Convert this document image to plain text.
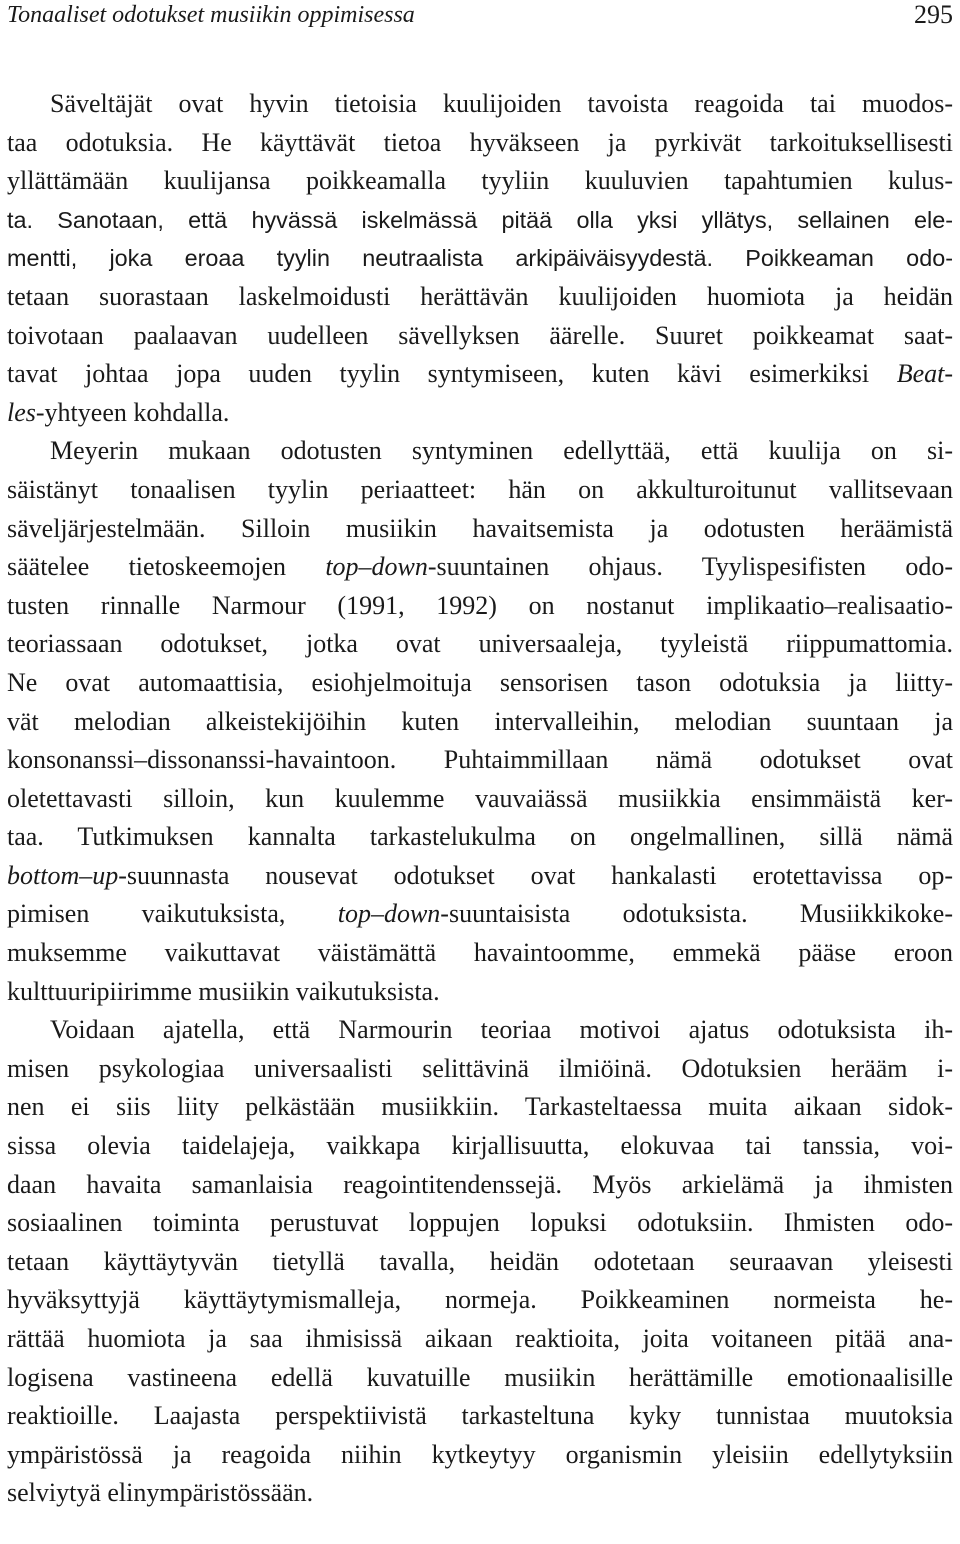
Tonaaliset odotukset musiikin oppimisessa	295
Säveltäjät ovat hyvin tietoisia kuulijoiden tavoista reagoida tai muodos-
taa odotuksia. He käyttävät tietoa hyväkseen ja pyrkivät tarkoituksellisesti
yllättämään kuulijansa poikkeamalla tyyliin kuuluvien tapahtumien kulus-
ta. Sanotaan, että hyvässä iskelmässä pitää olla yksi yllätys, sellainen ele-
mentti, joka eroaa tyylin neutraalista arkipäiväisyydestä. Poikkeaman odo-
tetaan suorastaan laskelmoidusti herättävän kuulijoiden huomiota ja heidän
toivotaan paalaavan uudelleen sävellyksen äärelle. Suuret poikkeamat saat-
tavat johtaa jopa uuden tyylin syntymiseen, kuten kävi esimerkiksi Beat-
les-yhtyeen kohdalla.
Meyerin mukaan odotusten syntyminen edellyttää, että kuulija on si-
säistänyt tonaalisen tyylin periaatteet: hän on akkulturoitunut vallitsevaan
säveljärjestelmään. Silloin musiikin havaitsemista ja odotusten heräämistä
säätelee tietoskeemojen top–down-suuntainen ohjaus. Tyylispesifisten odo-
tusten rinnalle Narmour (1991, 1992) on nostanut implikaatio–realisaatio-
teoriassaan odotukset, jotka ovat universaaleja, tyyleistä riippumattomia.
Ne ovat automaattisia, esiohjelmoituja sensorisen tason odotuksia ja liitty-
vät melodian alkeistekijöihin kuten intervalleihin, melodian suuntaan ja
konsonanssi–dissonanssi-havaintoon. Puhtaimmillaan nämä odotukset ovat
oletettavasti silloin, kun kuulemme vauvaiässä musiikkia ensimmäistä ker-
taa. Tutkimuksen kannalta tarkastelukulma on ongelmallinen, sillä nämä
bottom–up-suunnasta nousevat odotukset ovat hankalasti erotettavissa op-
pimisen vaikutuksista, top–down-suuntaisista odotuksista. Musiikkikoke-
muksemme vaikuttavat väistämättä havaintoomme, emmekä pääse eroon
kulttuuripiirimme musiikin vaikutuksista.
Voidaan ajatella, että Narmourin teoriaa motivoi ajatus odotuksista ih-
misen psykologiaa universaalisti selittävinä ilmiöinä. Odotuksien herääm i-
nen ei siis liity pelkästään musiikkiin. Tarkasteltaessa muita aikaan sidok-
sissa olevia taidelajeja, vaikkapa kirjallisuutta, elokuvaa tai tanssia, voi-
daan havaita samanlaisia reagointitendenssejä. Myös arkielämä ja ihmisten
sosiaalinen toiminta perustuvat loppujen lopuksi odotuksiin. Ihmisten odo-
tetaan käyttäytyvän tietyllä tavalla, heidän odotetaan seuraavan yleisesti
hyväksyttyjä käyttäytymismalleja, normeja. Poikkeaminen normeista he-
rättää huomiota ja saa ihmisissä aikaan reaktioita, joita voitaneen pitää ana-
logisena vastineena edellä kuvatuille musiikin herättämille emotionaalisille
reaktioille. Laajasta perspektiivistä tarkasteltuna kyky tunnistaa muutoksia
ympäristössä ja reagoida niihin kytkeytyy organismin yleisiin edellytyksiin
selviytyä elinympäristössään.
